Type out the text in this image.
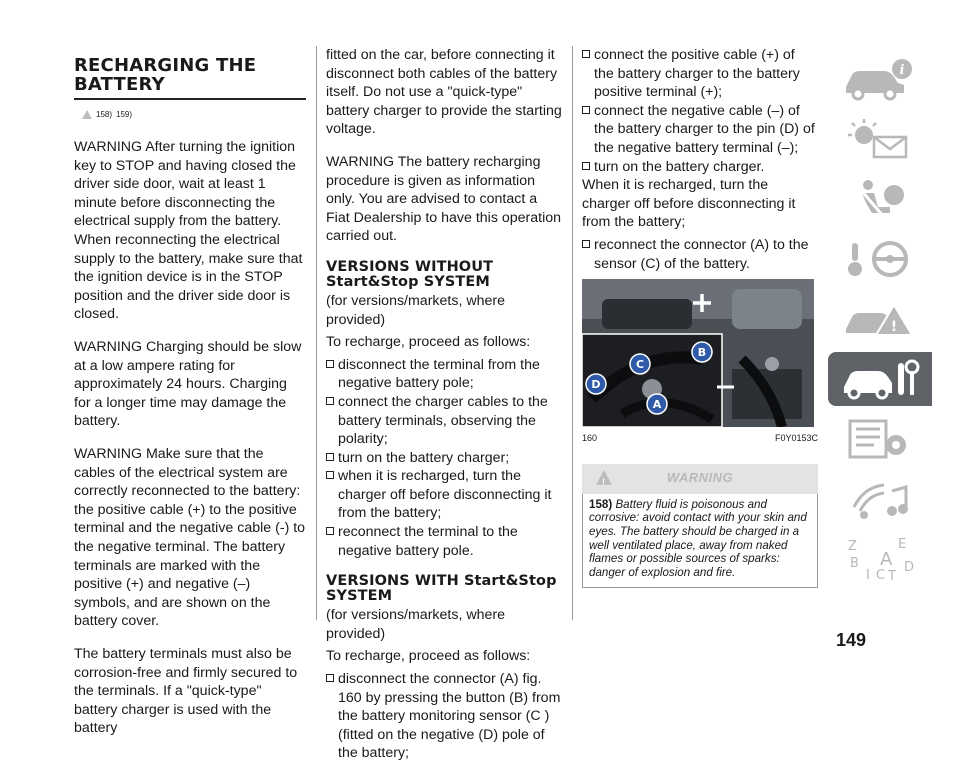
RECHARGING THE BATTERY
158) 159)

WARNING After turning the ignition key to STOP and having closed the driver side door, wait at least 1 minute before disconnecting the electrical supply from the battery. When reconnecting the electrical supply to the battery, make sure that the ignition device is in the STOP position and the driver side door is closed.

WARNING Charging should be slow at a low ampere rating for approximately 24 hours. Charging for a longer time may damage the battery.

WARNING Make sure that the cables of the electrical system are correctly reconnected to the battery: the positive cable (+) to the positive terminal and the negative cable (-) to the negative terminal. The battery terminals are marked with the positive (+) and negative (–) symbols, and are shown on the battery cover.

The battery terminals must also be corrosion-free and firmly secured to the terminals. If a "quick-type" battery charger is used with the battery

fitted on the car, before connecting it disconnect both cables of the battery itself. Do not use a "quick-type" battery charger to provide the starting voltage.

WARNING The battery recharging procedure is given as information only. You are advised to contact a Fiat Dealership to have this operation carried out.

VERSIONS WITHOUT Start&Stop SYSTEM

(for versions/markets, where provided)

To recharge, proceed as follows:

disconnect the terminal from the negative battery pole;
connect the charger cables to the battery terminals, observing the polarity;
turn on the battery charger;
when it is recharged, turn the charger off before disconnecting it from the battery;
reconnect the terminal to the negative battery pole.
VERSIONS WITH Start&Stop SYSTEM

(for versions/markets, where provided)

To recharge, proceed as follows:

disconnect the connector (A) fig. 160 by pressing the button (B) from the battery monitoring sensor (C ) (fitted on the negative (D) pole of the battery;
connect the positive cable (+) of the battery charger to the battery positive terminal (+);
connect the negative cable (–) of the battery charger to the pin (D) of the negative battery terminal (–);
turn on the battery charger.

When it is recharged, turn the charger off before disconnecting it from the battery;

reconnect the connector (A) to the sensor (C) of the battery.
C
B
D
A
160	F0Y0153C
!
WARNING
158) Battery fluid is poisonous and corrosive: avoid contact with your skin and eyes. The battery should be charged in a well ventilated place, away from naked flames or possible sources of sparks: danger of explosion and fire.
i
!
Z	E
B A
C
D
T
I
149
